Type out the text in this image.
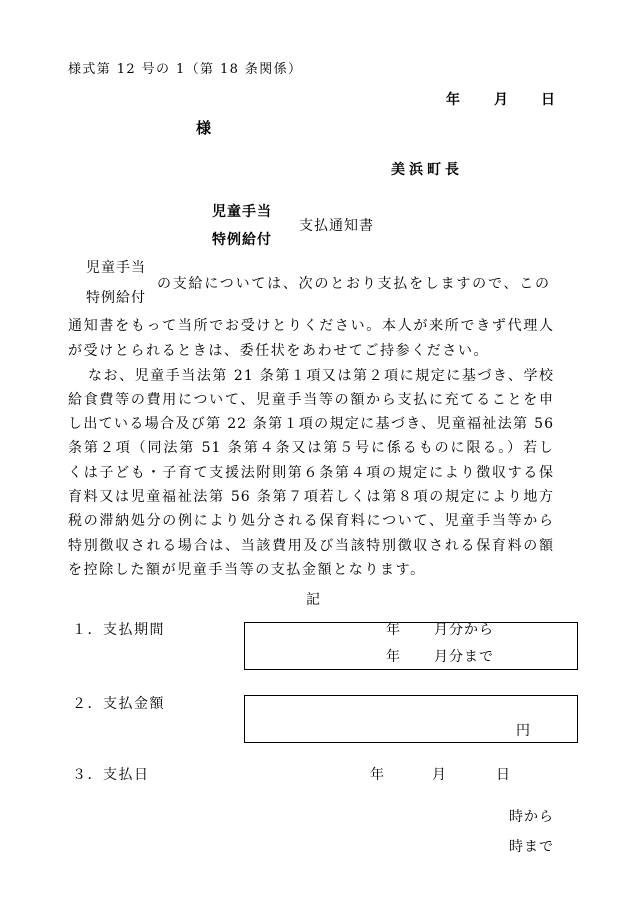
様式第 12 号の 1（第 18 条関係）
年 月 日
様
美浜町長
児童手当
特例給付
支払通知書
児童手当
特例給付
の支給については、次のとおり支払をしますので、この
通知書をもって当所でお受けとりください。本人が来所できず代理人
が受けとられるときは、委任状をあわせてご持参ください。
なお、児童手当法第 21 条第１項又は第２項に規定に基づき、学校
給食費等の費用について、児童手当等の額から支払に充てることを申
し出ている場合及び第 22 条第１項の規定に基づき、児童福祉法第 56
条第２項（同法第 51 条第４条又は第５号に係るものに限る。）若し
くは子ども・子育て支援法附則第６条第４項の規定により徴収する保
育料又は児童福祉法第 56 条第７項若しくは第８項の規定により地方
税の滞納処分の例により処分される保育料について、児童手当等から
特別徴収される場合は、当該費用及び当該特別徴収される保育料の額
を控除した額が児童手当等の支払金額となります。
記
１．支払期間	年 月分から
年 月分まで
２．支払金額
円
３．支払日	年	月	日
時から
時まで
